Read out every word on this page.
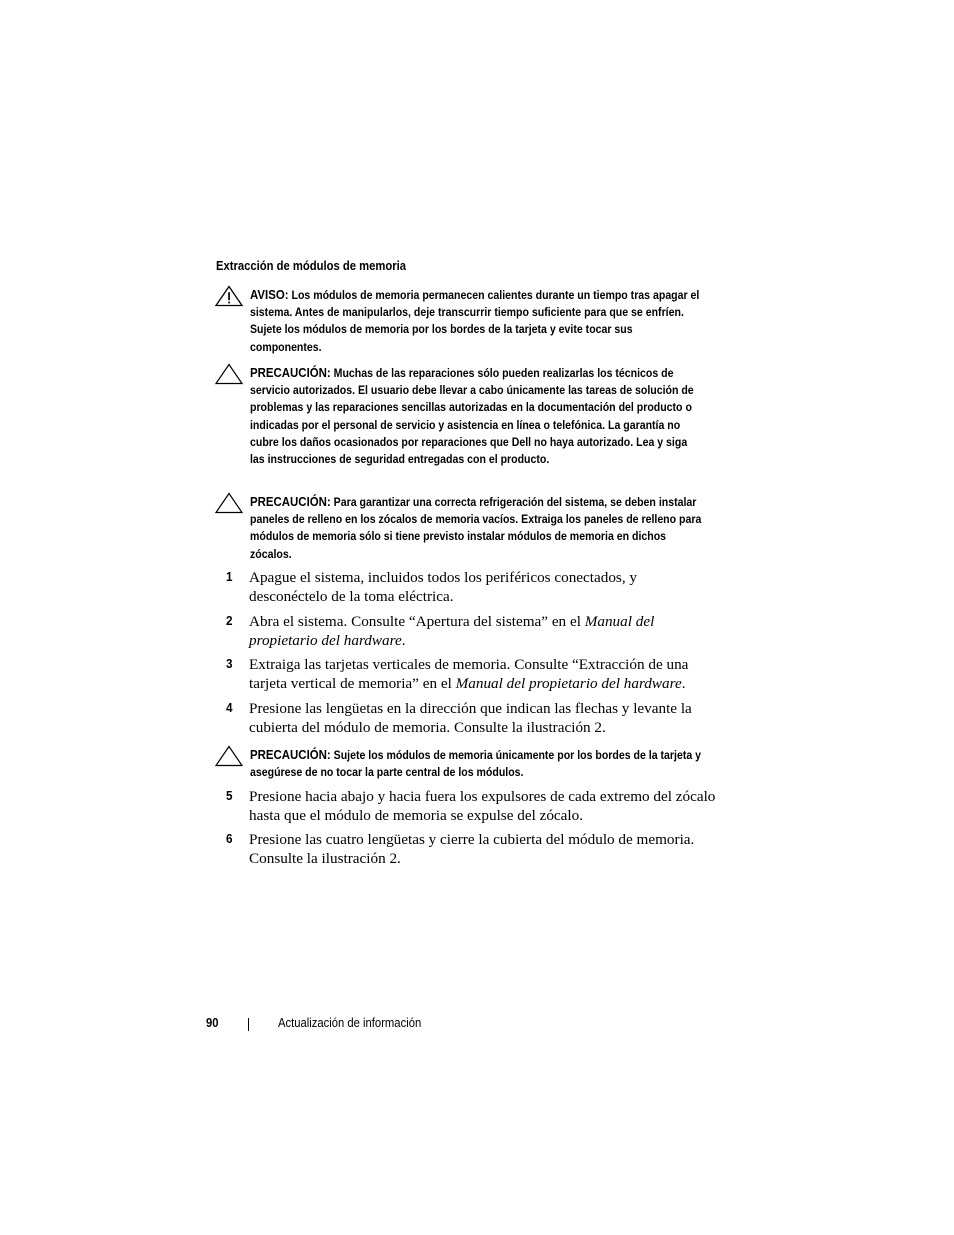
Extracción de módulos de memoria
AVISO: Los módulos de memoria permanecen calientes durante un tiempo tras apagar el sistema. Antes de manipularlos, deje transcurrir tiempo suficiente para que se enfríen. Sujete los módulos de memoria por los bordes de la tarjeta y evite tocar sus componentes.
PRECAUCIÓN: Muchas de las reparaciones sólo pueden realizarlas los técnicos de servicio autorizados. El usuario debe llevar a cabo únicamente las tareas de solución de problemas y las reparaciones sencillas autorizadas en la documentación del producto o indicadas por el personal de servicio y asistencia en línea o telefónica. La garantía no cubre los daños ocasionados por reparaciones que Dell no haya autorizado. Lea y siga las instrucciones de seguridad entregadas con el producto.
PRECAUCIÓN: Para garantizar una correcta refrigeración del sistema, se deben instalar paneles de relleno en los zócalos de memoria vacíos. Extraiga los paneles de relleno para módulos de memoria sólo si tiene previsto instalar módulos de memoria en dichos zócalos.
1 Apague el sistema, incluidos todos los periféricos conectados, y desconéctelo de la toma eléctrica.
2 Abra el sistema. Consulte “Apertura del sistema” en el Manual del propietario del hardware.
3 Extraiga las tarjetas verticales de memoria. Consulte “Extracción de una tarjeta vertical de memoria” en el Manual del propietario del hardware.
4 Presione las lengüetas en la dirección que indican las flechas y levante la cubierta del módulo de memoria. Consulte la ilustración 2.
PRECAUCIÓN: Sujete los módulos de memoria únicamente por los bordes de la tarjeta y asegúrese de no tocar la parte central de los módulos.
5 Presione hacia abajo y hacia fuera los expulsores de cada extremo del zócalo hasta que el módulo de memoria se expulse del zócalo.
6 Presione las cuatro lengüetas y cierre la cubierta del módulo de memoria. Consulte la ilustración 2.
90	Actualización de información
